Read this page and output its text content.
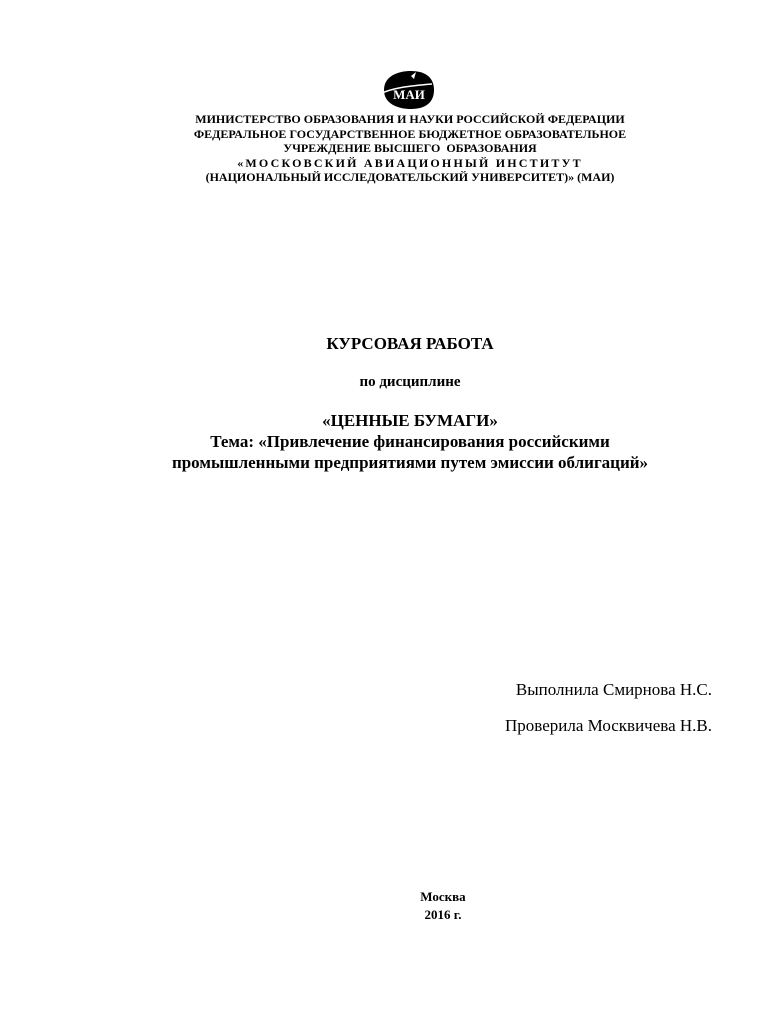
МАИ
МИНИСТЕРСТВО ОБРАЗОВАНИЯ И НАУКИ РОССИЙСКОЙ ФЕДЕРАЦИИ
ФЕДЕРАЛЬНОЕ ГОСУДАРСТВЕННОЕ БЮДЖЕТНОЕ ОБРАЗОВАТЕЛЬНОЕ
УЧРЕЖДЕНИЕ ВЫСШЕГО  ОБРАЗОВАНИЯ
«МОСКОВСКИЙ АВИАЦИОННЫЙ ИНСТИТУТ
(НАЦИОНАЛЬНЫЙ ИССЛЕДОВАТЕЛЬСКИЙ УНИВЕРСИТЕТ)» (МАИ)
КУРСОВАЯ РАБОТА
по дисциплине
«ЦЕННЫЕ БУМАГИ»
Тема: «Привлечение финансирования российскими
промышленными предприятиями путем эмиссии облигаций»
Выполнила Смирнова Н.С.
Проверила Москвичева Н.В.
Москва
2016 г.
